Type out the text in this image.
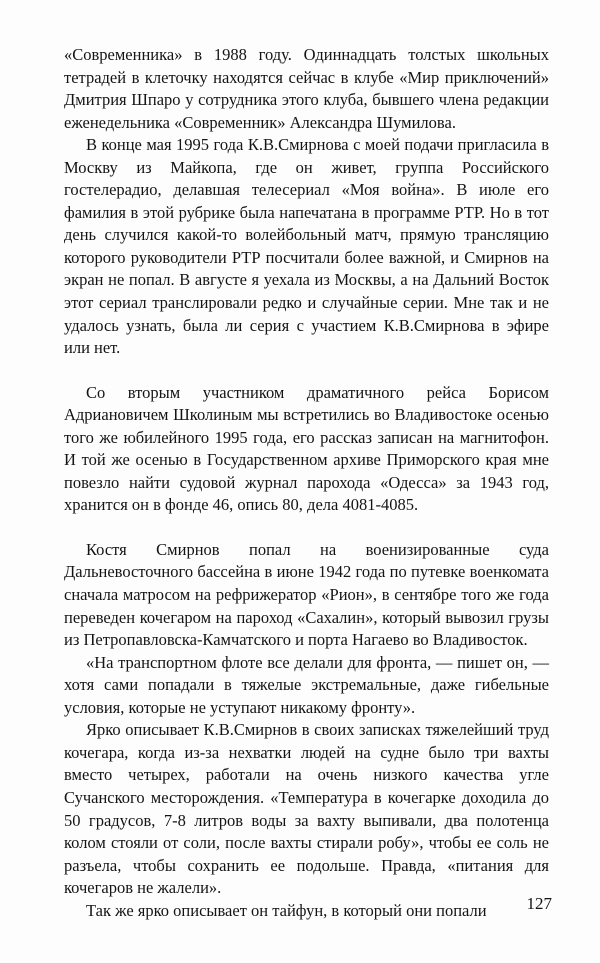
«Современника» в 1988 году. Одиннадцать толстых школьных тетрадей в клеточку находятся сейчас в клубе «Мир приключений» Дмитрия Шпаро у сотрудника этого клуба, бывшего члена редакции еженедельника «Современник» Александра Шумилова.

В конце мая 1995 года К.В.Смирнова с моей подачи пригласила в Москву из Майкопа, где он живет, группа Российского гостелерадио, делавшая телесериал «Моя война». В июле его фамилия в этой рубрике была напечатана в программе РТР. Но в тот день случился какой-то волейбольный матч, прямую трансляцию которого руководители РТР посчитали более важной, и Смирнов на экран не попал. В августе я уехала из Москвы, а на Дальний Восток этот сериал транслировали редко и случайные серии. Мне так и не удалось узнать, была ли серия с участием К.В.Смирнова в эфире или нет.

Со вторым участником драматичного рейса Борисом Адриановичем Школиным мы встретились во Владивостоке осенью того же юбилейного 1995 года, его рассказ записан на магнитофон. И той же осенью в Государственном архиве Приморского края мне повезло найти судовой журнал парохода «Одесса» за 1943 год, хранится он в фонде 46, опись 80, дела 4081-4085.

Костя Смирнов попал на военизированные суда Дальневосточного бассейна в июне 1942 года по путевке военкомата сначала матросом на рефрижератор «Рион», в сентябре того же года переведен кочегаром на пароход «Сахалин», который вывозил грузы из Петропавловска-Камчатского и порта Нагаево во Владивосток.

«На транспортном флоте все делали для фронта, — пишет он, — хотя сами попадали в тяжелые экстремальные, даже гибельные условия, которые не уступают никакому фронту».

Ярко описывает К.В.Смирнов в своих записках тяжелейший труд кочегара, когда из-за нехватки людей на судне было три вахты вместо четырех, работали на очень низкого качества угле Сучанского месторождения. «Температура в кочегарке доходила до 50 градусов, 7-8 литров воды за вахту выпивали, два полотенца колом стояли от соли, после вахты стирали робу», чтобы ее соль не разъела, чтобы сохранить ее подольше. Правда, «питания для кочегаров не жалели».

Так же ярко описывает он тайфун, в который они попали	127
